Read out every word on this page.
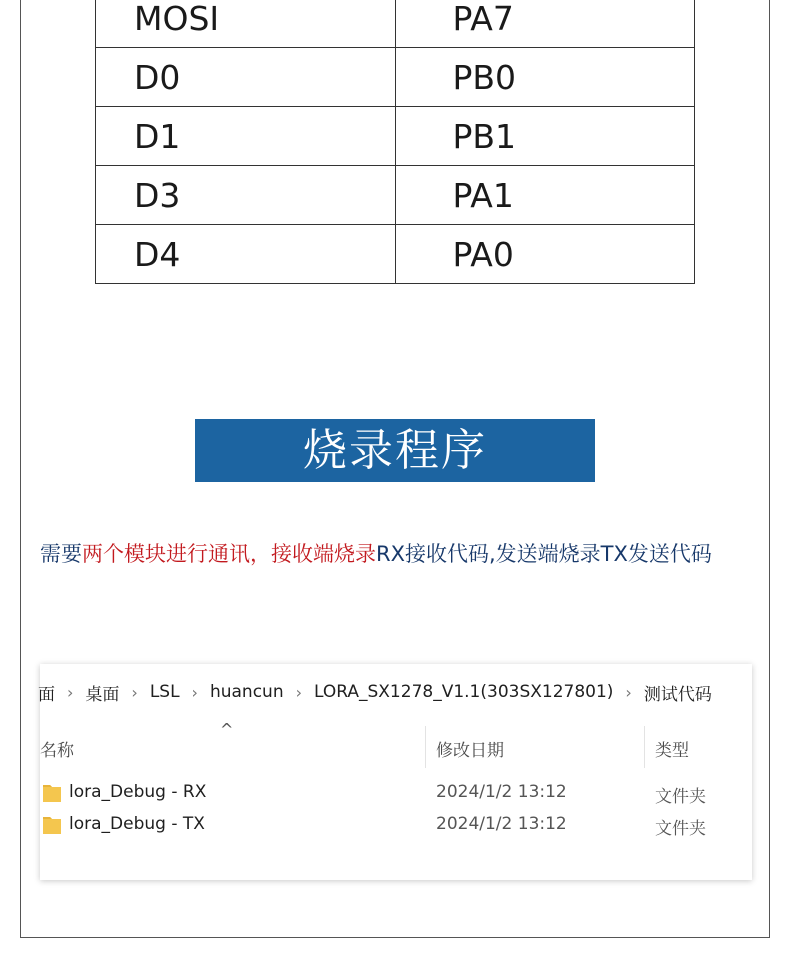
MOSI	PA7
D0	PB0
D1	PB1
D3	PA1
D4	PA0
烧录程序
需要两个模块进行通讯，接收端烧录RX接收代码,发送端烧录TX发送代码
面 › 桌面 › LSL › huancun › LORA_SX1278_V1.1(303SX127801) › 测试代码
^
名称	修改日期	类型
lora_Debug - RX	2024/1/2 13:12	文件夹
lora_Debug - TX	2024/1/2 13:12	文件夹
